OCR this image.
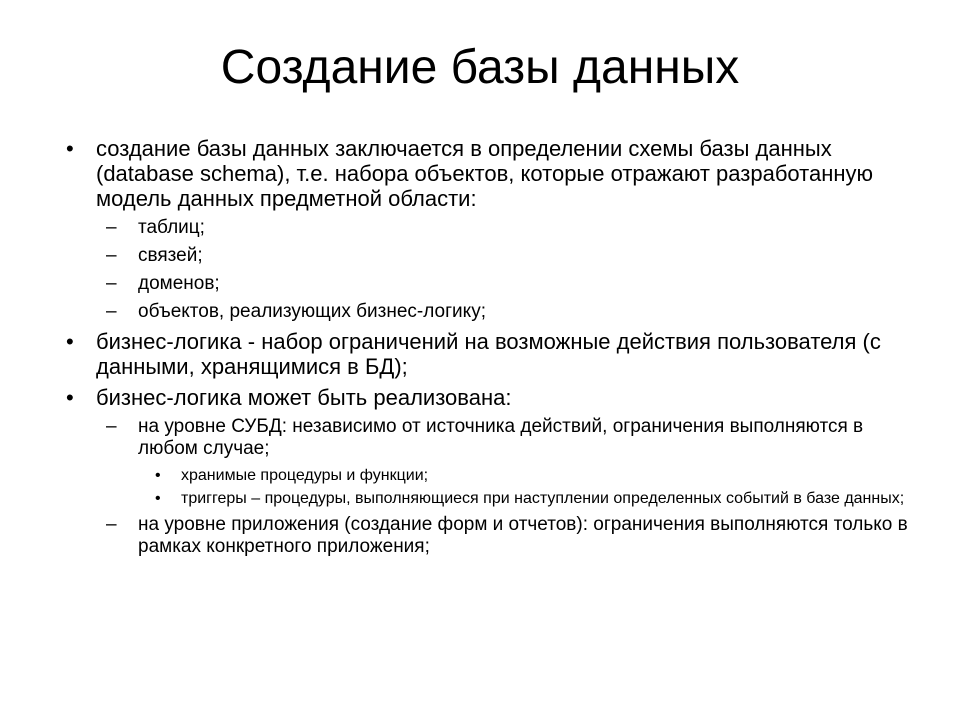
Создание базы данных
• создание базы данных заключается в определении схемы базы данных (database schema), т.е. набора объектов, которые отражают разработанную модель данных предметной области:
– таблиц;
– связей;
– доменов;
– объектов, реализующих бизнес-логику;
• бизнес-логика - набор ограничений на возможные действия пользователя (с данными, хранящимися в БД);
• бизнес-логика может быть реализована:
– на уровне СУБД: независимо от источника действий, ограничения выполняются в любом случае;
• хранимые процедуры и функции;
• триггеры – процедуры, выполняющиеся при наступлении определенных событий в базе данных;
– на уровне приложения (создание форм и отчетов): ограничения выполняются только в рамках конкретного приложения;
